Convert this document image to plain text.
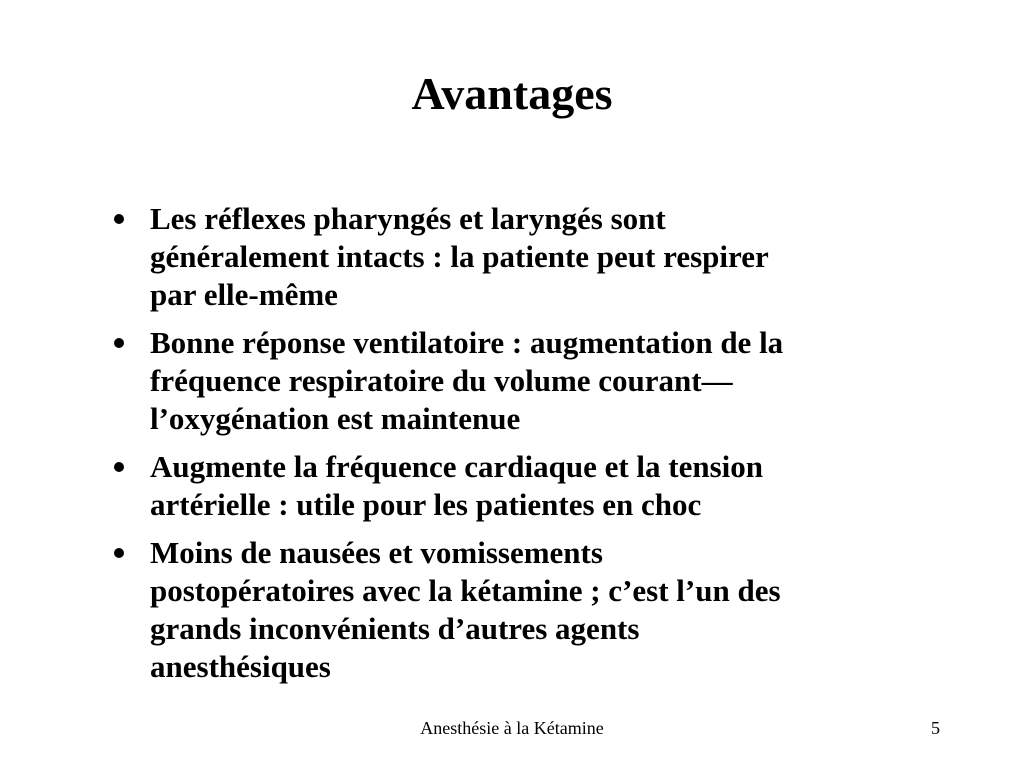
Avantages
Les réflexes pharyngés et laryngés sont
généralement intacts : la patiente peut respirer
par elle-même
Bonne réponse ventilatoire : augmentation de la
fréquence respiratoire du volume courant—
l’oxygénation est maintenue
Augmente la fréquence cardiaque et la tension
artérielle : utile pour les patientes en choc
Moins de nausées et vomissements
postopératoires avec la kétamine ; c’est l’un des
grands inconvénients d’autres agents
anesthésiques
Anesthésie à la Kétamine	5
